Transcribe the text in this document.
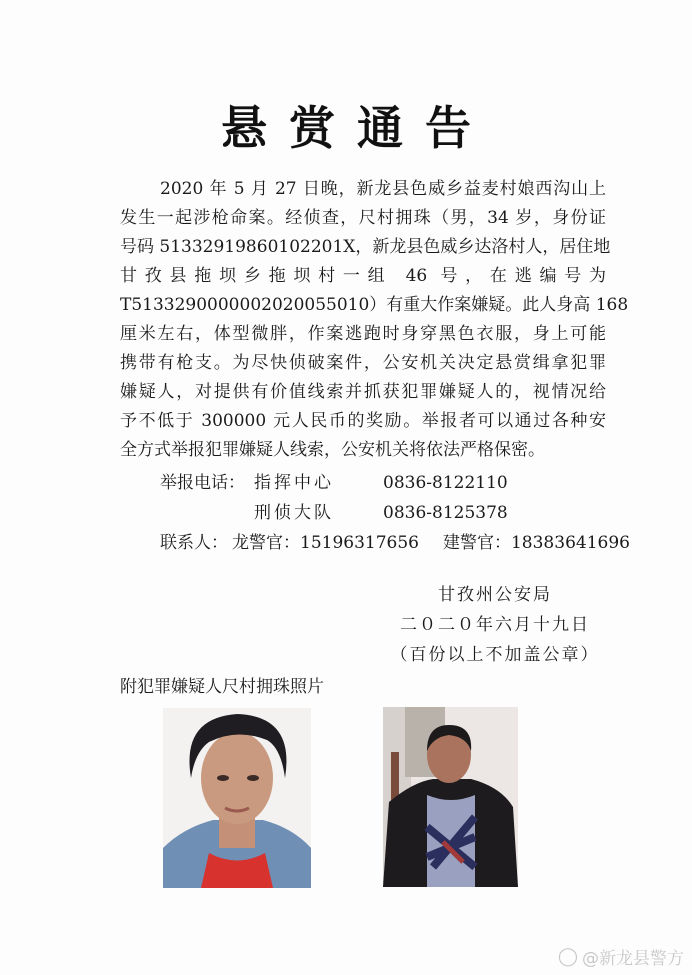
悬赏通告
2020 年 5 月 27 日晚，新龙县色威乡益麦村娘西沟山上
发生一起涉枪命案。经侦查，尺村拥珠（男，34 岁，身份证
号码 51332919860102201X，新龙县色威乡达洛村人，居住地
甘孜县拖坝乡拖坝村一组 46 号，在逃编号为
T513329000000202005501​0）有重大作案嫌疑。此人身高 168
厘米左右，体型微胖，作案逃跑时身穿黑色衣服，身上可能
携带有枪支。为尽快侦破案件，公安机关决定悬赏缉拿犯罪
嫌疑人，对提供有价值线索并抓获犯罪嫌疑人的，视情况给
予不低于 300000 元人民币的奖励。举报者可以通过各种安
全方式举报犯罪嫌疑人线索，公安机关将依法严格保密。
举报电话： 指挥中心	0836-8122110
刑侦大队	0836-8125378
联系人： 龙警官： 15196317656 建警官： 18383641696
甘孜州公安局
二０二０年六月十九日
（百份以上不加盖公章）
附犯罪嫌疑人尺村拥珠照片
◯ @新龙县警方
